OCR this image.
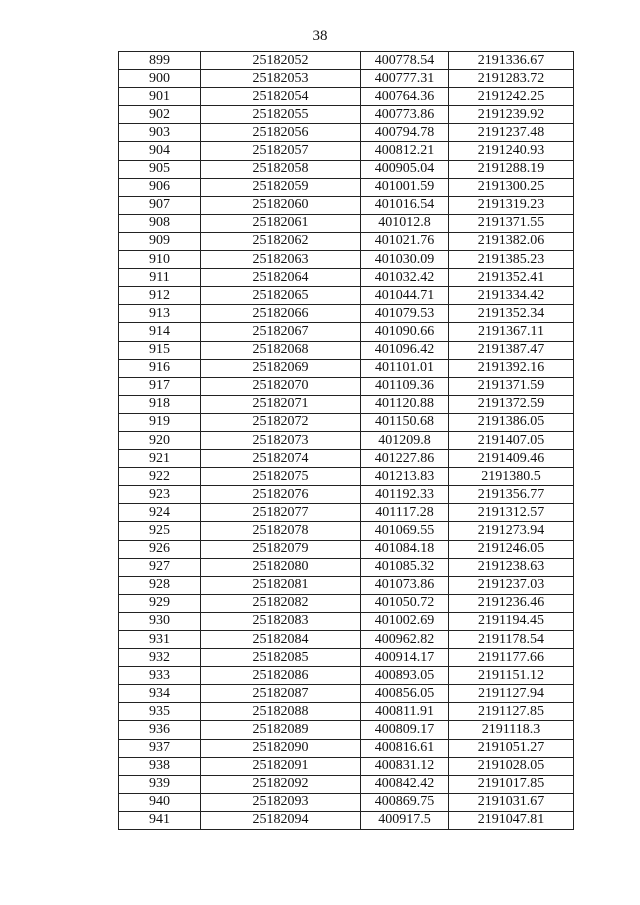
38
899	25182052	400778.54	2191336.67
900	25182053	400777.31	2191283.72
901	25182054	400764.36	2191242.25
902	25182055	400773.86	2191239.92
903	25182056	400794.78	2191237.48
904	25182057	400812.21	2191240.93
905	25182058	400905.04	2191288.19
906	25182059	401001.59	2191300.25
907	25182060	401016.54	2191319.23
908	25182061	401012.8	2191371.55
909	25182062	401021.76	2191382.06
910	25182063	401030.09	2191385.23
911	25182064	401032.42	2191352.41
912	25182065	401044.71	2191334.42
913	25182066	401079.53	2191352.34
914	25182067	401090.66	2191367.11
915	25182068	401096.42	2191387.47
916	25182069	401101.01	2191392.16
917	25182070	401109.36	2191371.59
918	25182071	401120.88	2191372.59
919	25182072	401150.68	2191386.05
920	25182073	401209.8	2191407.05
921	25182074	401227.86	2191409.46
922	25182075	401213.83	2191380.5
923	25182076	401192.33	2191356.77
924	25182077	401117.28	2191312.57
925	25182078	401069.55	2191273.94
926	25182079	401084.18	2191246.05
927	25182080	401085.32	2191238.63
928	25182081	401073.86	2191237.03
929	25182082	401050.72	2191236.46
930	25182083	401002.69	2191194.45
931	25182084	400962.82	2191178.54
932	25182085	400914.17	2191177.66
933	25182086	400893.05	2191151.12
934	25182087	400856.05	2191127.94
935	25182088	400811.91	2191127.85
936	25182089	400809.17	2191118.3
937	25182090	400816.61	2191051.27
938	25182091	400831.12	2191028.05
939	25182092	400842.42	2191017.85
940	25182093	400869.75	2191031.67
941	25182094	400917.5	2191047.81
